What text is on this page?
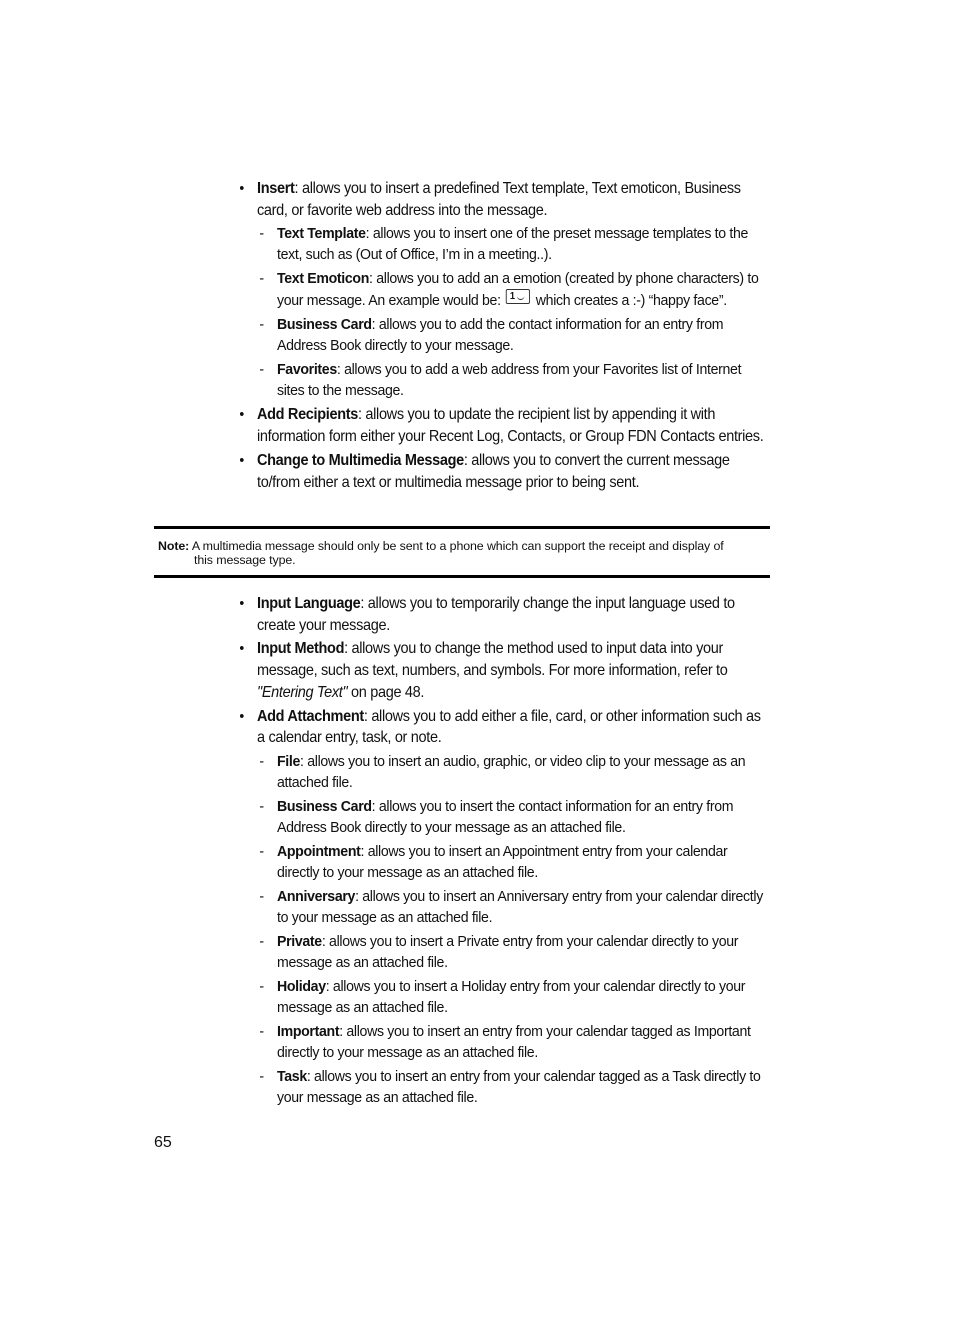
• Insert: allows you to insert a predefined Text template, Text emoticon, Business card, or favorite web address into the message.
- Text Template: allows you to insert one of the preset message templates to the text, such as (Out of Office, I’m in a meeting..).
- Text Emoticon: allows you to add an a emotion (created by phone characters) to your message. An example would be: 1 which creates a :-) “happy face”.
- Business Card: allows you to add the contact information for an entry from Address Book directly to your message.
- Favorites: allows you to add a web address from your Favorites list of Internet sites to the message.
• Add Recipients: allows you to update the recipient list by appending it with information form either your Recent Log, Contacts, or Group FDN Contacts entries.
• Change to Multimedia Message: allows you to convert the current message to/from either a text or multimedia message prior to being sent.
Note: A multimedia message should only be sent to a phone which can support the receipt and display of
this message type.
• Input Language: allows you to temporarily change the input language used to create your message.
• Input Method: allows you to change the method used to input data into your message, such as text, numbers, and symbols. For more information, refer to "Entering Text" on page 48.
• Add Attachment: allows you to add either a file, card, or other information such as a calendar entry, task, or note.
- File: allows you to insert an audio, graphic, or video clip to your message as an attached file.
- Business Card: allows you to insert the contact information for an entry from Address Book directly to your message as an attached file.
- Appointment: allows you to insert an Appointment entry from your calendar directly to your message as an attached file.
- Anniversary: allows you to insert an Anniversary entry from your calendar directly to your message as an attached file.
- Private: allows you to insert a Private entry from your calendar directly to your message as an attached file.
- Holiday: allows you to insert a Holiday entry from your calendar directly to your message as an attached file.
- Important: allows you to insert an entry from your calendar tagged as Important directly to your message as an attached file.
- Task: allows you to insert an entry from your calendar tagged as a Task directly to your message as an attached file.
65
